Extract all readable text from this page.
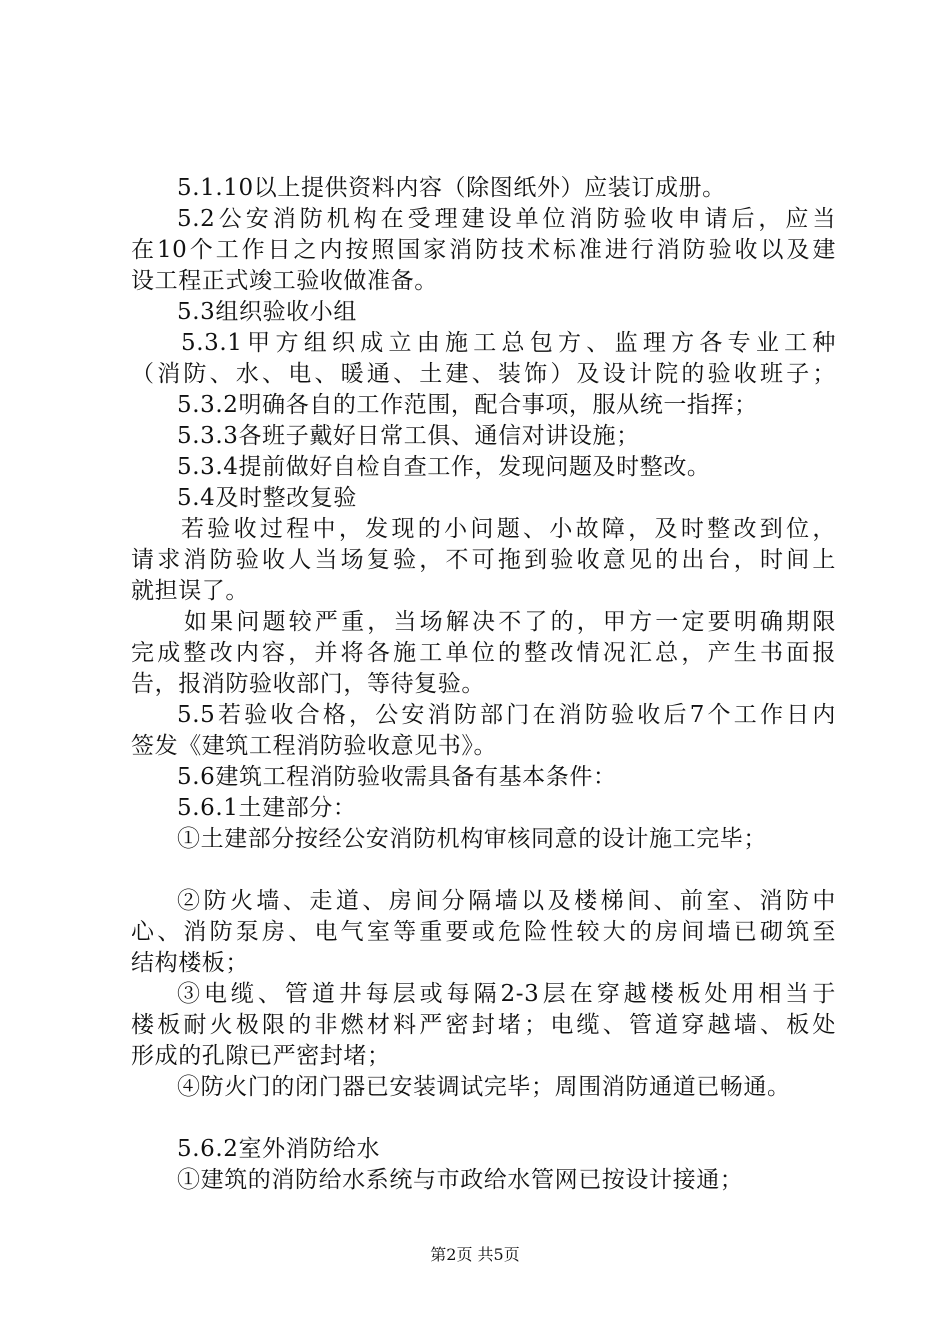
5.1.10以上提供资料内容（除图纸外）应装订成册。
5.2公安消防机构在受理建设单位消防验收申请后，应当
在10个工作日之内按照国家消防技术标准进行消防验收以及建
设工程正式竣工验收做准备。
5.3组织验收小组
5.3.1甲方组织成立由施工总包方、监理方各专业工种
（消防、水、电、暖通、土建、装饰）及设计院的验收班子；
5.3.2明确各自的工作范围，配合事项，服从统一指挥；
5.3.3各班子戴好日常工俱、通信对讲设施；
5.3.4提前做好自检自查工作，发现问题及时整改。
5.4及时整改复验
若验收过程中，发现的小问题、小故障，及时整改到位，
请求消防验收人当场复验，不可拖到验收意见的出台，时间上
就担误了。
如果问题较严重，当场解决不了的，甲方一定要明确期限
完成整改内容，并将各施工单位的整改情况汇总，产生书面报
告，报消防验收部门，等待复验。
5.5若验收合格，公安消防部门在消防验收后7个工作日内
签发《建筑工程消防验收意见书》。
5.6建筑工程消防验收需具备有基本条件：
5.6.1土建部分：
①土建部分按经公安消防机构审核同意的设计施工完毕；
②防火墙、走道、房间分隔墙以及楼梯间、前室、消防中
心、消防泵房、电气室等重要或危险性较大的房间墙已砌筑至
结构楼板；
③电缆、管道井每层或每隔2-3层在穿越楼板处用相当于
楼板耐火极限的非燃材料严密封堵；电缆、管道穿越墙、板处
形成的孔隙已严密封堵；
④防火门的闭门器已安装调试完毕；周围消防通道已畅通。
5.6.2室外消防给水
①建筑的消防给水系统与市政给水管网已按设计接通；
第2页 共5页
